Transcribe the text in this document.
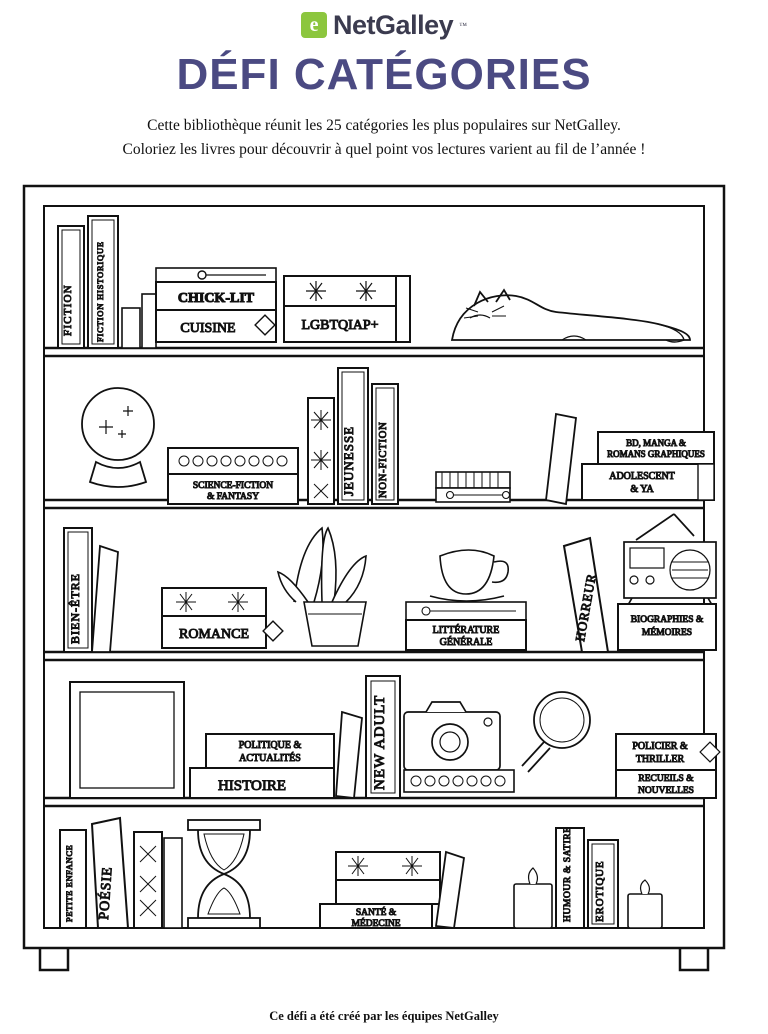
e NetGalley ™
DÉFI CATÉGORIES
Cette bibliothèque réunit les 25 catégories les plus populaires sur NetGalley.
Coloriez les livres pour découvrir à quel point vos lectures varient au fil de l’année !
FICTION FICTION HISTORIQUE	CHICK-LIT
CUISINE	LGBTQIAP+
SCIENCE-FICTION
& FANTASY
JEUNESSE NON-FICTION	BD, MANGA &
ROMANS GRAPHIQUES
ADOLESCENT
& YA
BIEN-ÊTRE	ROMANCE	LITTÉRATURE
GÉNÉRALE	HORREUR	BIOGRAPHIES &
MÉMOIRES
POLITIQUE &
ACTUALITÉS
HISTOIRE	NEW ADULT	POLICIER &
THRILLER
RECUEILS &
NOUVELLES
PETITE ENFANCE POÉSIE	SANTÉ &
MÉDECINE
HUMOUR & SATIRE EROTIQUE
Ce défi a été créé par les équipes NetGalley
